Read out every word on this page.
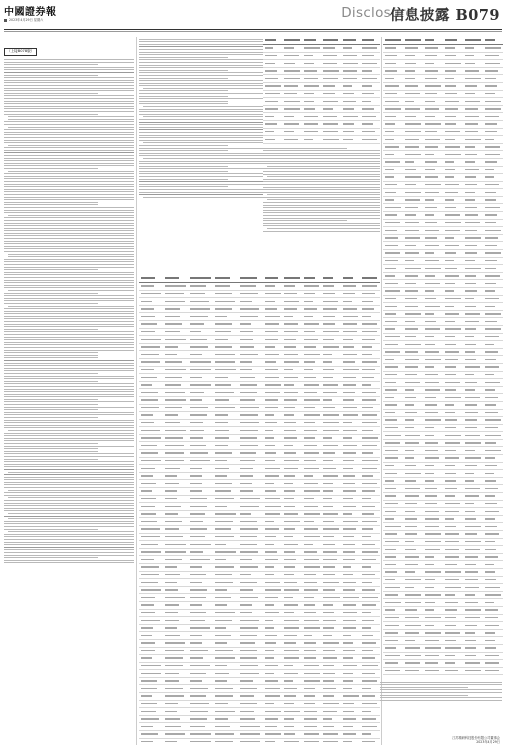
中國證券報
2023年4月29日 星期六	Disclosure
信息披露 B079
（上接B078版）
江苏精研科技股份有限公司董事会
2023年4月29日
